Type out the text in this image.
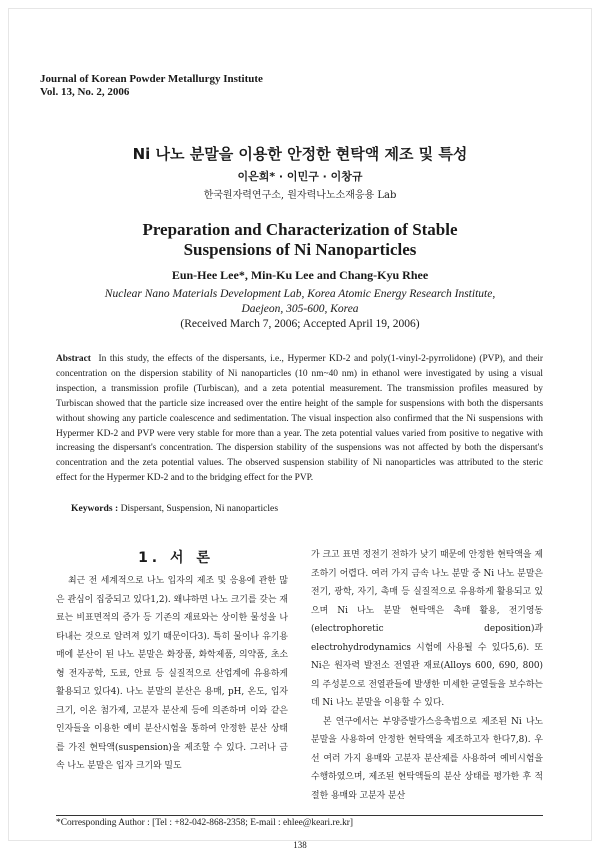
Journal of Korean Powder Metallurgy Institute
Vol. 13, No. 2, 2006
Ni 나노 분말을 이용한 안정한 현탁액 제조 및 특성
이은희* · 이민구 · 이창규
한국원자력연구소, 원자력나노소재응용 Lab
Preparation and Characterization of Stable
Suspensions of Ni Nanoparticles
Eun-Hee Lee*, Min-Ku Lee and Chang-Kyu Rhee
Nuclear Nano Materials Development Lab, Korea Atomic Energy Research Institute,
Daejeon, 305-600, Korea
(Received March 7, 2006; Accepted April 19, 2006)
Abstract In this study, the effects of the dispersants, i.e., Hypermer KD-2 and poly(1-vinyl-2-pyrrolidone) (PVP), and their concentration on the dispersion stability of Ni nanoparticles (10 nm~40 nm) in ethanol were investigated by using a visual inspection, a transmission profile (Turbiscan), and a zeta potential measurement. The transmission profiles measured by Turbiscan showed that the particle size increased over the entire height of the sample for suspensions with both the dispersants without showing any particle coalescence and sedimentation. The visual inspection also confirmed that the Ni suspensions with Hypermer KD-2 and PVP were very stable for more than a year. The zeta potential values varied from positive to negative with increasing the dispersant's concentration. The dispersion stability of the suspensions was not affected by both the dispersant's concentration and the zeta potential values. The observed suspension stability of Ni nanoparticles was attributed to the steric effect for the Hypermer KD-2 and to the bridging effect for the PVP.
Keywords : Dispersant, Suspension, Ni nanoparticles
1. 서 론

최근 전 세계적으로 나노 입자의 제조 및 응용에 관한 많은 관심이 집중되고 있다1,2). 왜냐하면 나노 크기를 갖는 재료는 비표면적의 증가 등 기존의 재료와는 상이한 물성을 나타내는 것으로 알려져 있기 때문이다3). 특히 물이나 유기용매에 분산이 된 나노 분말은 화장품, 화학제품, 의약품, 초소형 전자공학, 도료, 안료 등 실질적으로 산업계에 유용하게 활용되고 있다4). 나노 분말의 분산은 용매, pH, 온도, 입자 크기, 이온 첨가제, 고분자 분산제 등에 의존하며 이와 같은 인자들을 이용한 예비 분산시험을 통하여 안정한 분산 상태를 가진 현탁액(suspension)을 제조할 수 있다. 그러나 금속 나노 분말은 입자 크기와 밀도

가 크고 표면 정전기 전하가 낮기 때문에 안정한 현탁액을 제조하기 어렵다. 여러 가지 금속 나노 분말 중 Ni 나노 분말은 전기, 광학, 자기, 촉매 등 실질적으로 유용하게 활용되고 있으며 Ni 나노 분말 현탁액은 촉매 활용, 전기영동(electrophoretic deposition)과 electrohydrodynamics 시험에 사용될 수 있다5,6). 또 Ni은 원자력 발전소 전열관 재료(Alloys 600, 690, 800)의 주성분으로 전열관들에 발생한 미세한 균열들을 보수하는데 Ni 나노 분말을 이용할 수 있다.

본 연구에서는 부양증발가스응축법으로 제조된 Ni 나노 분말을 사용하여 안정한 현탁액을 제조하고자 한다7,8). 우선 여러 가지 용매와 고분자 분산제를 사용하여 예비시험을 수행하였으며, 제조된 현탁액들의 분산 상태를 평가한 후 적절한 용매와 고분자 분산

*Corresponding Author : [Tel : +82-042-868-2358; E-mail : ehlee@keari.re.kr]
138
